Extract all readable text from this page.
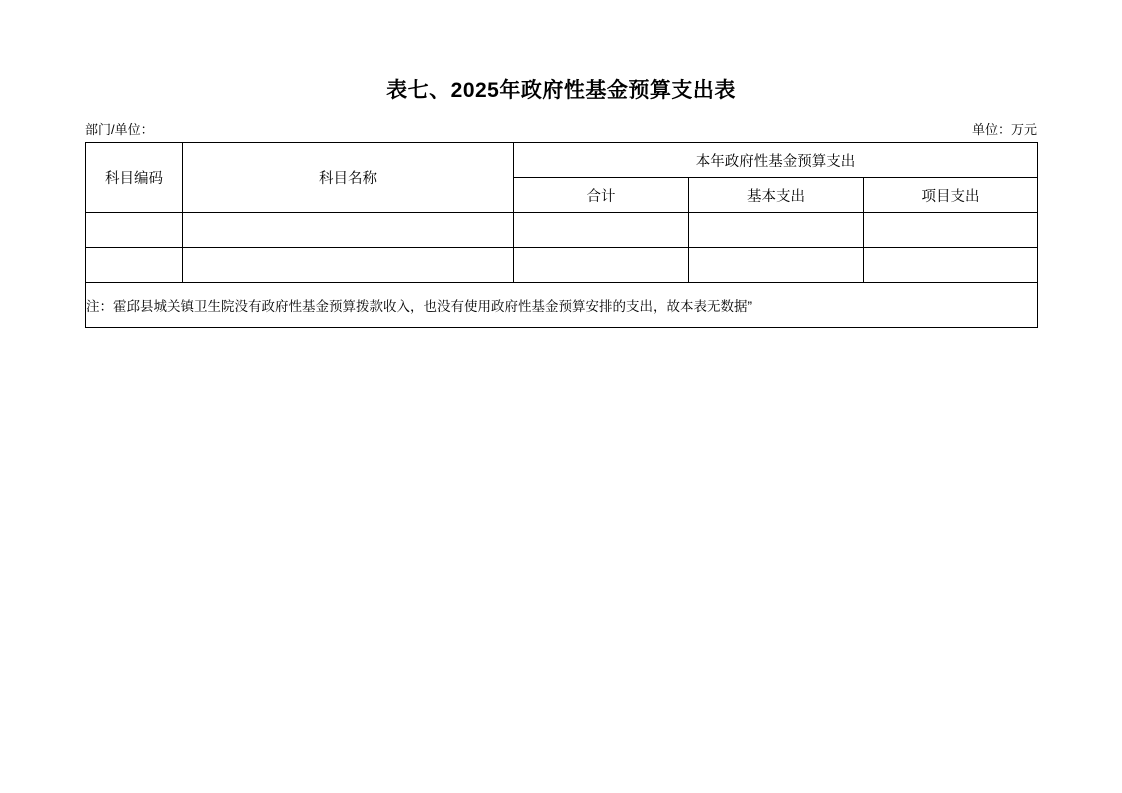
表七、2025年政府性基金预算支出表
部门/单位：	单位：万元
科目编码	科目名称	本年政府性基金预算支出		
		合计	基本支出	项目支出

注：霍邱县城关镇卫生院没有政府性基金预算拨款收入，也没有使用政府性基金预算安排的支出，故本表无数据”				
